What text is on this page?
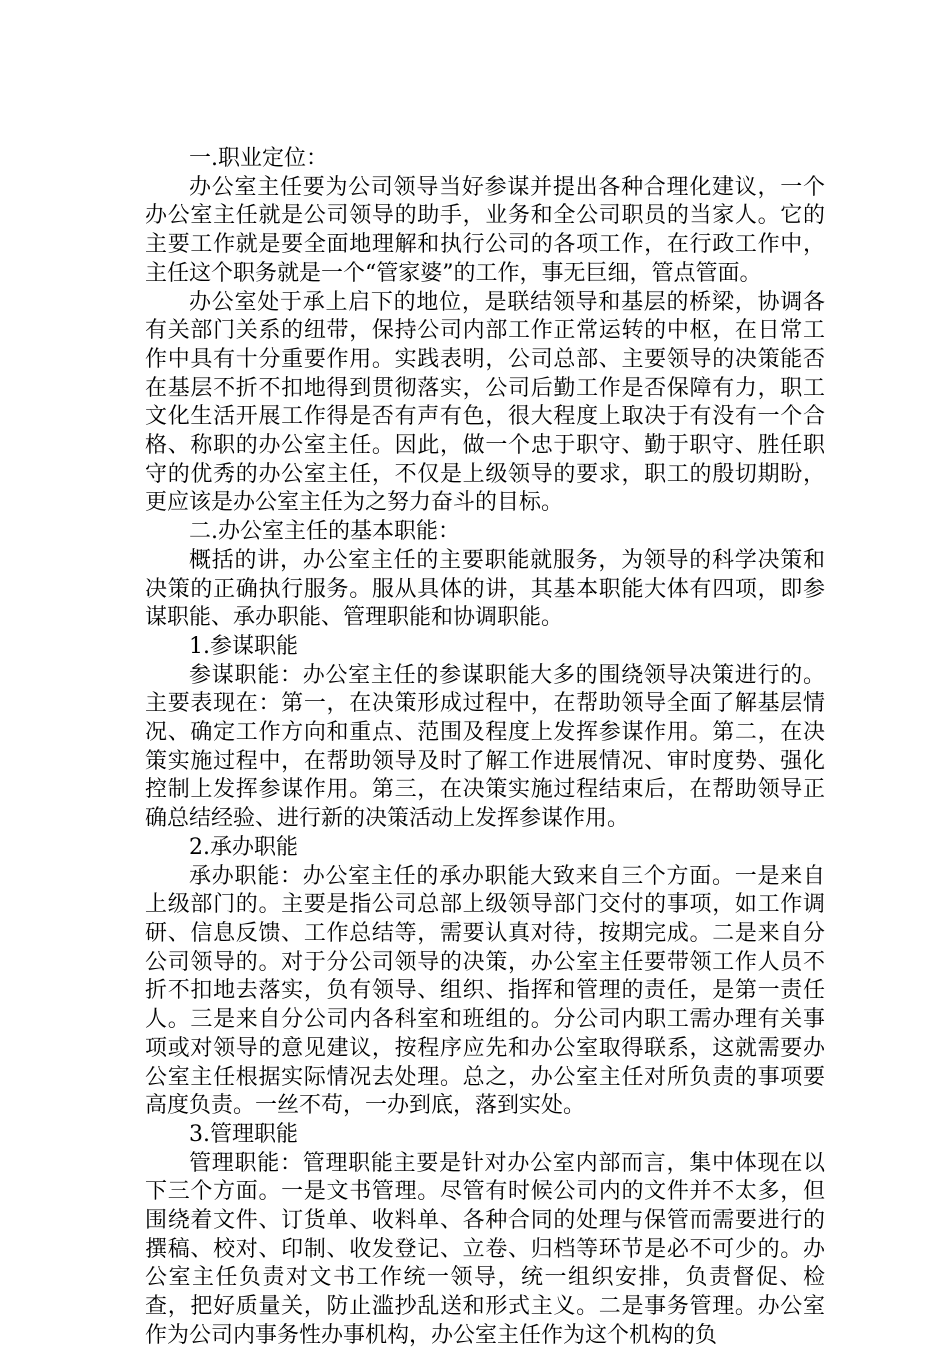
一.职业定位：

办公室主任要为公司领导当好参谋并提出各种合理化建议，一个办公室主任就是公司领导的助手，业务和全公司职员的当家人。它的主要工作就是要全面地理解和执行公司的各项工作，在行政工作中，主任这个职务就是一个“管家婆”的工作，事无巨细，管点管面。

办公室处于承上启下的地位，是联结领导和基层的桥梁，协调各有关部门关系的纽带，保持公司内部工作正常运转的中枢，在日常工作中具有十分重要作用。实践表明，公司总部、主要领导的决策能否在基层不折不扣地得到贯彻落实，公司后勤工作是否保障有力，职工文化生活开展工作得是否有声有色，很大程度上取决于有没有一个合格、称职的办公室主任。因此，做一个忠于职守、勤于职守、胜任职守的优秀的办公室主任，不仅是上级领导的要求，职工的殷切期盼，更应该是办公室主任为之努力奋斗的目标。

二.办公室主任的基本职能：

概括的讲，办公室主任的主要职能就服务，为领导的科学决策和决策的正确执行服务。服从具体的讲，其基本职能大体有四项，即参谋职能、承办职能、管理职能和协调职能。

1.参谋职能

参谋职能：办公室主任的参谋职能大多的围绕领导决策进行的。主要表现在：第一，在决策形成过程中，在帮助领导全面了解基层情况、确定工作方向和重点、范围及程度上发挥参谋作用。第二，在决策实施过程中，在帮助领导及时了解工作进展情况、审时度势、强化控制上发挥参谋作用。第三，在决策实施过程结束后，在帮助领导正确总结经验、进行新的决策活动上发挥参谋作用。

2.承办职能

承办职能：办公室主任的承办职能大致来自三个方面。一是来自上级部门的。主要是指公司总部上级领导部门交付的事项，如工作调研、信息反馈、工作总结等，需要认真对待，按期完成。二是来自分公司领导的。对于分公司领导的决策，办公室主任要带领工作人员不折不扣地去落实，负有领导、组织、指挥和管理的责任，是第一责任人。三是来自分公司内各科室和班组的。分公司内职工需办理有关事项或对领导的意见建议，按程序应先和办公室取得联系，这就需要办公室主任根据实际情况去处理。总之，办公室主任对所负责的事项要高度负责。一丝不苟，一办到底，落到实处。

3.管理职能

管理职能：管理职能主要是针对办公室内部而言，集中体现在以下三个方面。一是文书管理。尽管有时候公司内的文件并不太多，但围绕着文件、订货单、收料单、各种合同的处理与保管而需要进行的撰稿、校对、印制、收发登记、立卷、归档等环节是必不可少的。办公室主任负责对文书工作统一领导，统一组织安排，负责督促、检查，把好质量关，防止滥抄乱送和形式主义。二是事务管理。办公室作为公司内事务性办事机构，办公室主任作为这个机构的负
